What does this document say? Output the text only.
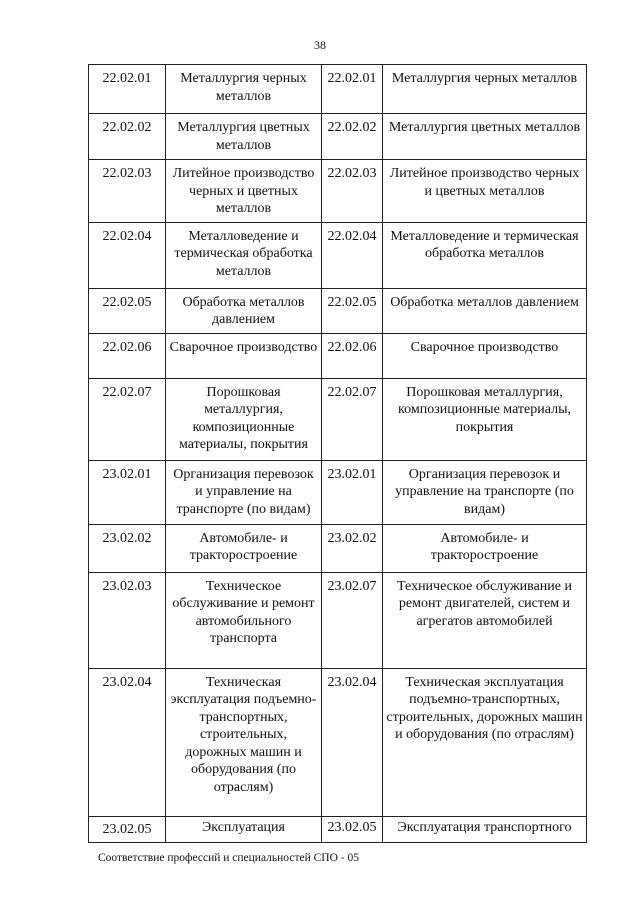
38
22.02.01	Металлургия черных металлов	22.02.01	Металлургия черных металлов
22.02.02	Металлургия цветных металлов	22.02.02	Металлургия цветных металлов
22.02.03	Литейное производство черных и цветных металлов	22.02.03	Литейное производство черных и цветных металлов
22.02.04	Металловедение и термическая обработка металлов	22.02.04	Металловедение и термическая обработка металлов
22.02.05	Обработка металлов давлением	22.02.05	Обработка металлов давлением
22.02.06	Сварочное производство	22.02.06	Сварочное производство
22.02.07	Порошковая металлургия, композиционные материалы, покрытия	22.02.07	Порошковая металлургия, композиционные материалы, покрытия
23.02.01	Организация перевозок и управление на транспорте (по видам)	23.02.01	Организация перевозок и управление на транспорте (по видам)
23.02.02	Автомобиле- и тракторостроение	23.02.02	Автомобиле- и тракторостроение
23.02.03	Техническое обслуживание и ремонт автомобильного транспорта	23.02.07	Техническое обслуживание и ремонт двигателей, систем и агрегатов автомобилей
23.02.04	Техническая эксплуатация подъемно-транспортных, строительных, дорожных машин и оборудования (по отраслям)	23.02.04	Техническая эксплуатация подъемно-транспортных, строительных, дорожных машин и оборудования (по отраслям)
23.02.05	Эксплуатация	23.02.05	Эксплуатация транспортного
Соответствие профессий и специальностей СПО - 05
